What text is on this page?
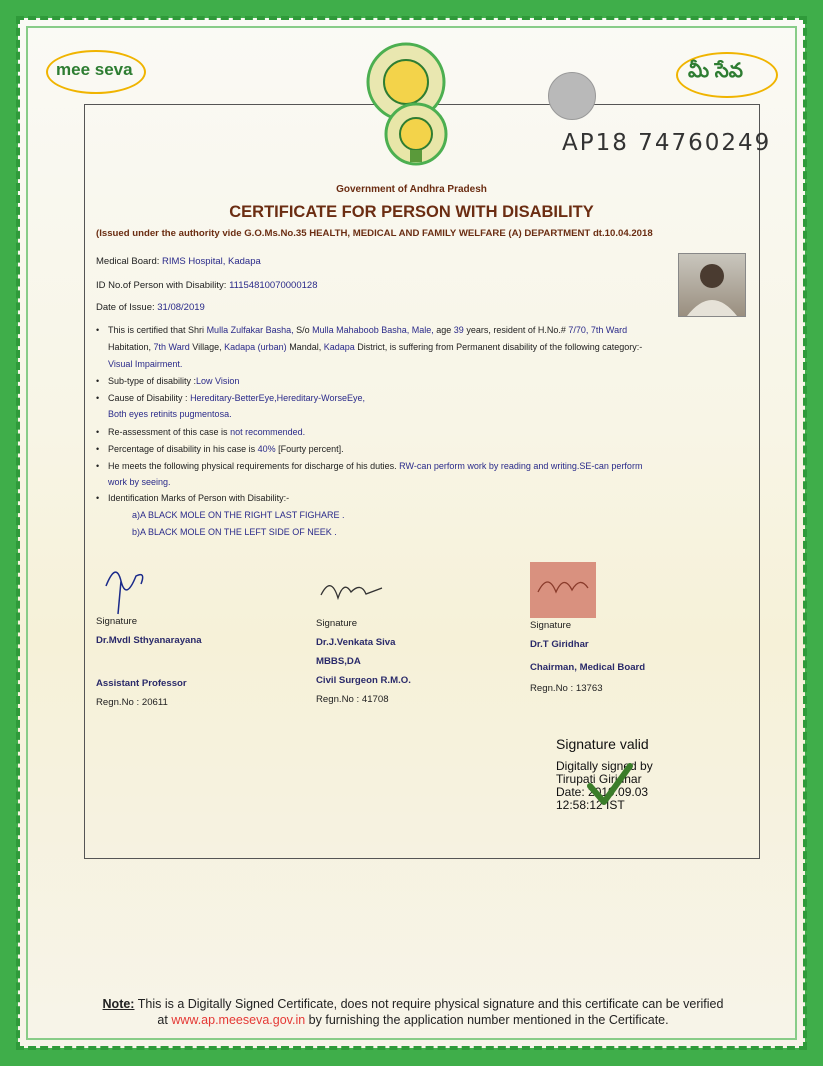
mee seva	మీ సేవ
AP18 74760249
Government of Andhra Pradesh
CERTIFICATE FOR PERSON WITH DISABILITY
(Issued under the authority vide G.O.Ms.No.35 HEALTH, MEDICAL AND FAMILY WELFARE (A) DEPARTMENT dt.10.04.2018
Medical Board: RIMS Hospital, Kadapa
ID No.of Person with Disability: 11154810070000128
Date of Issue: 31/08/2019
• This is certified that Shri Mulla Zulfakar Basha, S/o Mulla Mahaboob Basha, Male, age 39 years, resident of H.No.# 7/70, 7th Ward
Habitation, 7th Ward Village, Kadapa (urban) Mandal, Kadapa District, is suffering from Permanent disability of the following category:-
Visual Impairment.
• Sub-type of disability :Low Vision
• Cause of Disability : Hereditary-BetterEye,Hereditary-WorseEye,
Both eyes retinits pugmentosa.
• Re-assessment of this case is not recommended.
• Percentage of disability in his case is 40% [Fourty percent].
• He meets the following physical requirements for discharge of his duties. RW-can perform work by reading and writing.SE-can perform
work by seeing.
• Identification Marks of Person with Disability:-
a)A BLACK MOLE ON THE RIGHT LAST FIGHARE .
b)A BLACK MOLE ON THE LEFT SIDE OF NEEK .
Signature
Dr.Mvdl Sthyanarayana
Assistant Professor
Regn.No : 20611
Signature
Dr.J.Venkata Siva
MBBS,DA
Civil Surgeon R.M.O.
Regn.No : 41708
Signature
Dr.T Giridhar
Chairman, Medical Board
Regn.No : 13763
Signature valid
Digitally signed by
Tirupati Giridhar
Date: 2019.09.03
12:58:12 IST
Note: This is a Digitally Signed Certificate, does not require physical signature and this certificate can be verified
at www.ap.meeseva.gov.in by furnishing the application number mentioned in the Certificate.
